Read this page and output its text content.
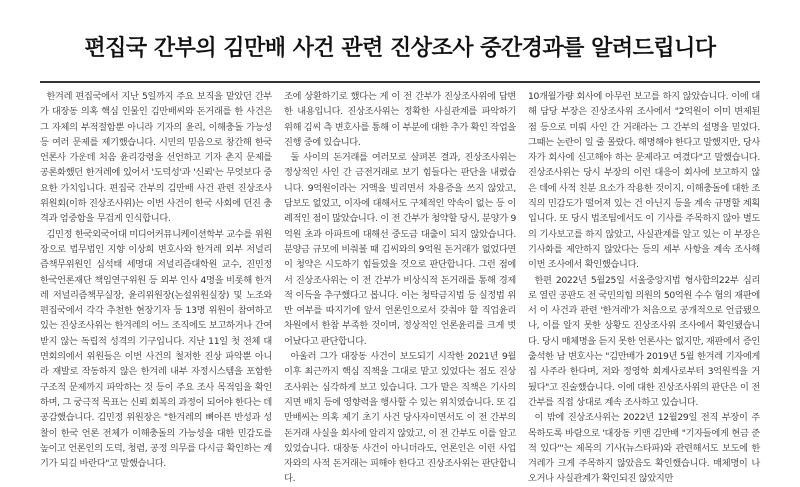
편집국 간부의 김만배 사건 관련 진상조사 중간경과를 알려드립니다

한겨레 편집국에서 지난 5일까지 주요 보직을 맡았던 간부가 대장동 의혹 핵심 인물인 김만배씨와 돈거래를 한 사건은 그 자체의 부적절함뿐 아니라 기자의 윤리, 이해충돌 가능성 등 여러 문제를 제기했습니다. 시민의 믿음으로 창간해 한국 언론사 가운데 처음 윤리강령을 선언하고 기자 촌지 문제를 공론화했던 한겨레에 있어서 '도덕성'과 '신뢰'는 무엇보다 중요한 가치입니다. 편집국 간부의 김만배 사건 관련 진상조사위원회(이하 진상조사위)는 이번 사건이 한국 사회에 던진 충격과 엄중함을 무겁게 인식합니다.

김민정 한국외국어대 미디어커뮤니케이션학부 교수를 위원장으로 법무법인 지향 이상희 변호사와 한겨레 외부 저널리즘책무위원인 심석태 세명대 저널리즘대학원 교수, 진민정 한국언론재단 책임연구위원 등 외부 인사 4명을 비롯해 한겨레 저널리즘책무실장, 윤리위원장(논설위원실장) 및 노조와 편집국에서 각각 추천한 현장기자 등 13명 위원이 참여하고 있는 진상조사위는 한겨레의 어느 조직에도 보고하거나 간여받지 않는 독립적 성격의 기구입니다. 지난 11일 첫 전체 대면회의에서 위원들은 이번 사건의 철저한 진상 파악뿐 아니라 재발로 작동하지 않은 한겨레 내부 자정시스템을 포함한 구조적 문제까지 파악하는 것 등이 주요 조사 목적임을 확인하며, 그 궁극적 목표는 신뢰 회복의 과정이 되어야 한다는 데 공감했습니다. 김민정 위원장은 "한겨레의 뼈아픈 반성과 성찰이 한국 언론 전체가 이해충돌의 가능성을 대한 민감도를 높이고 언론인의 도덕, 청렴, 공정 의무를 다시금 확인하는 계기가 되길 바란다"고 말했습니다.

조에 상환하기로 했다는 게 이 전 간부가 진상조사위에 답변한 내용입니다. 진상조사위는 정확한 사실관계를 파악하기 위해 김씨 측 변호사를 통해 이 부분에 대한 추가 확인 작업을 진행 중에 있습니다.

둘 사이의 돈거래를 여러모로 살펴본 결과, 진상조사위는 정상적인 사인 간 금전거래로 보기 힘들다는 판단을 내렸습니다. 9억원이라는 거액을 빌리면서 차용증을 쓰지 않았고, 담보도 없었고, 이자에 대해서도 구체적인 약속이 없는 등 이례적인 점이 많았습니다. 이 전 간부가 청약할 당시, 분양가 9억원 초과 아파트에 대해선 중도금 대출이 되지 않았습니다. 분양금 규모에 비춰볼 때 김씨와의 9억원 돈거래가 없었다면 이 청약은 시도하기 힘들었을 것으로 판단합니다. 그런 점에서 진상조사위는 이 전 간부가 비상식적 돈거래를 통해 경제적 이득을 추구했다고 봅니다. 이는 청탁금지법 등 실정법 위반 여부를 따지기에 앞서 언론인으로서 갖춰야 할 직업윤리 차원에서 한참 부족한 것이며, 정상적인 언론윤리를 크게 벗어났다고 판단합니다.

아울러 그가 대장동 사건이 보도되기 시작한 2021년 9월 이후 최근까지 핵심 직책을 그대로 맡고 있었다는 점도 진상조사위는 심각하게 보고 있습니다. 그가 맡은 직책은 기사의 지면 배치 등에 영향력을 행사할 수 있는 위치였습니다. 또 김만배씨는 의혹 제기 초기 사건 당사자이면서도 이 전 간부의 돈거래 사실을 회사에 알리지 않았고, 이 전 간부도 이를 알고 있었습니다. 대장동 사건이 아니더라도, 언론인은 이런 사업자와의 사적 돈거래는 피해야 한다고 진상조사위는 판단합니다.

10개월가량 회사에 아무런 보고를 하지 않았습니다. 이에 대해 담당 부장은 진상조사위 조사에서 "2억원이 이미 변제된 점 등으로 미뤄 사인 간 거래라는 그 간부의 설명을 믿었다. 그때는 논란이 일 줄 몰랐다. 해명해야 한다고 말했지만, 당사자가 회사에 신고해야 하는 문제라고 여겼다"고 말했습니다. 진상조사위는 당시 부장의 이런 대응이 회사에 보고하지 않은 데에 사적 친분 요소가 작용한 것이지, 이해충돌에 대한 조직의 민감도가 떨어져 있는 건 아닌지 등을 계속 규명할 계획입니다. 또 당시 법조팀에서도 이 기사를 주목하지 않아 별도의 기사보고를 하지 않았고, 사실관계를 알고 있는 이 부장은 기사화를 제안하지 않았다는 등의 세부 사항을 계속 조사해 이번 조사에서 확인했습니다.

한편 2022년 5월25일 서울중앙지법 형사합의22부 심리로 열린 공판도 전 국민의힘 의원의 50억원 수수 혐의 재판에서 이 사건과 관련 '한겨레'가 처음으로 공개적으로 언급됐으나, 이를 알지 못한 상황도 진상조사위 조사에서 확인됐습니다. 당시 매체명을 듣지 못한 언론사는 없지만, 재판에서 증인 출석한 남 변호사는 "김만배가 2019년 5월 한겨레 기자에게 집 사주라 한다며, 저와 정영학 회계사로부터 3억원씩을 거뒀다"고 진술했습니다. 이에 대한 진상조사위의 판단은 이 전 간부를 직접 상대로 계속 조사하고 있습니다.

이 밖에 진상조사위는 2022년 12월29일 전직 부장이 주목하도록 바람으로 '대장동 키맨 김만배 "기자들에게 현금 준 적 있다"'는 제목의 기사(뉴스타파)와 관련해서도 보도에 한겨레가 크게 주목하지 않았음도 확인했습니다. 매체명이 나오거나 사실관계가 확인되진 않았지만
